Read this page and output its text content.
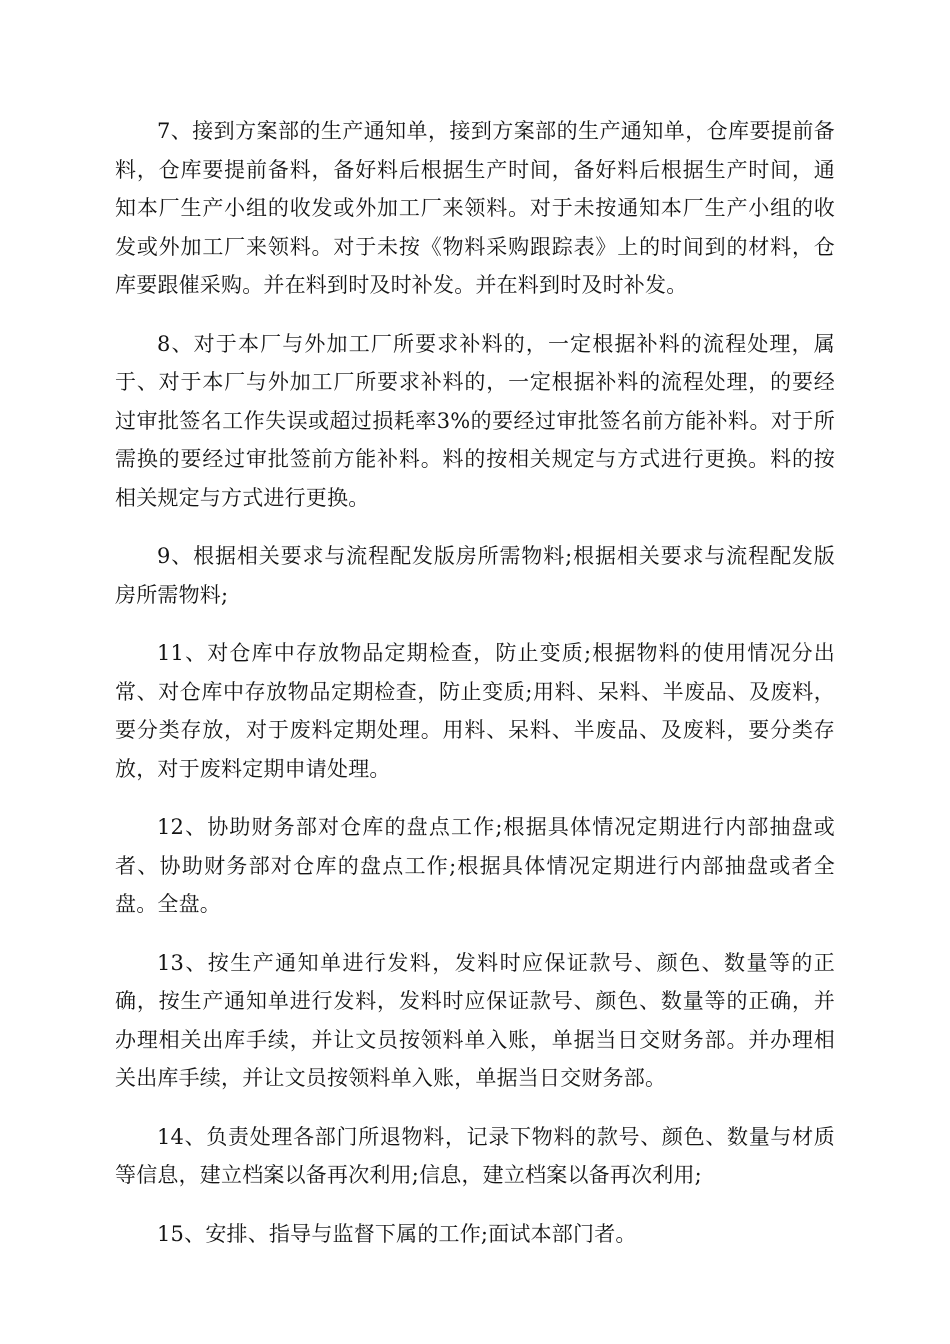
7、接到方案部的生产通知单，接到方案部的生产通知单，仓库要提前备料，仓库要提前备料，备好料后根据生产时间，备好料后根据生产时间，通知本厂生产小组的收发或外加工厂来领料。对于未按通知本厂生产小组的收发或外加工厂来领料。对于未按《物料采购跟踪表》上的时间到的材料，仓库要跟催采购。并在料到时及时补发。并在料到时及时补发。

8、对于本厂与外加工厂所要求补料的，一定根据补料的流程处理，属于、对于本厂与外加工厂所要求补料的，一定根据补料的流程处理，的要经过审批签名工作失误或超过损耗率3%的要经过审批签名前方能补料。对于所需换的要经过审批签前方能补料。料的按相关规定与方式进行更换。料的按相关规定与方式进行更换。

9、根据相关要求与流程配发版房所需物料;根据相关要求与流程配发版房所需物料;

11、对仓库中存放物品定期检查，防止变质;根据物料的使用情况分出常、对仓库中存放物品定期检查，防止变质;用料、呆料、半废品、及废料，要分类存放，对于废料定期处理。用料、呆料、半废品、及废料，要分类存放，对于废料定期申请处理。

12、协助财务部对仓库的盘点工作;根据具体情况定期进行内部抽盘或者、协助财务部对仓库的盘点工作;根据具体情况定期进行内部抽盘或者全盘。全盘。

13、按生产通知单进行发料，发料时应保证款号、颜色、数量等的正确，按生产通知单进行发料，发料时应保证款号、颜色、数量等的正确，并办理相关出库手续，并让文员按领料单入账，单据当日交财务部。并办理相关出库手续，并让文员按领料单入账，单据当日交财务部。

14、负责处理各部门所退物料，记录下物料的款号、颜色、数量与材质等信息，建立档案以备再次利用;信息，建立档案以备再次利用;

15、安排、指导与监督下属的工作;面试本部门者。
